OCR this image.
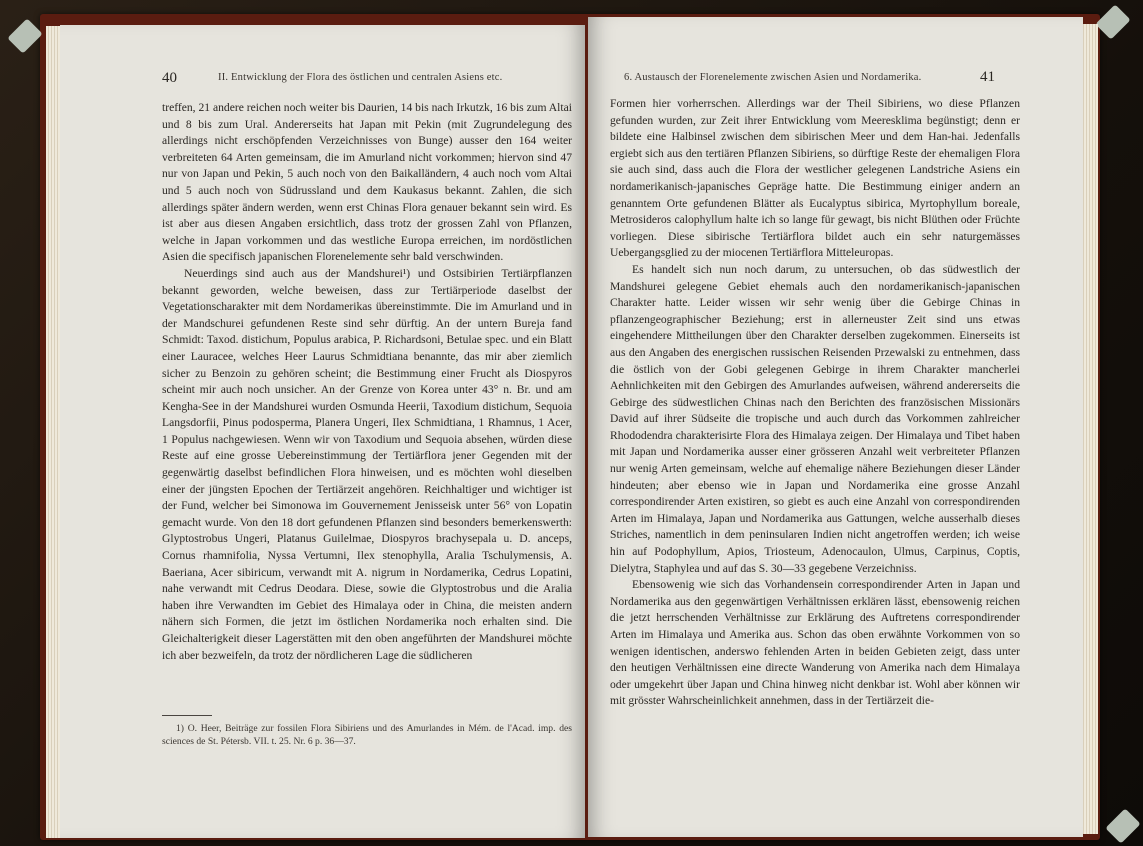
40	II. Entwicklung der Flora des östlichen und centralen Asiens etc.

treffen, 21 andere reichen noch weiter bis Daurien, 14 bis nach Irkutzk, 16 bis zum Altai und 8 bis zum Ural. Andererseits hat Japan mit Pekin (mit Zugrundelegung des allerdings nicht erschöpfenden Verzeichnisses von Bunge) ausser den 164 weiter verbreiteten 64 Arten gemeinsam, die im Amurland nicht vorkommen; hiervon sind 47 nur von Japan und Pekin, 5 auch noch von den Baikalländern, 4 auch noch vom Altai und 5 auch noch von Südrussland und dem Kaukasus bekannt. Zahlen, die sich allerdings später ändern werden, wenn erst Chinas Flora genauer bekannt sein wird. Es ist aber aus diesen Angaben ersichtlich, dass trotz der grossen Zahl von Pflanzen, welche in Japan vorkommen und das westliche Europa erreichen, im nordöstlichen Asien die specifisch japanischen Florenelemente sehr bald verschwinden.

Neuerdings sind auch aus der Mandshurei¹) und Ostsibirien Tertiärpflanzen bekannt geworden, welche beweisen, dass zur Tertiärperiode daselbst der Vegetationscharakter mit dem Nordamerikas übereinstimmte. Die im Amurland und in der Mandschurei gefundenen Reste sind sehr dürftig. An der untern Bureja fand Schmidt: Taxod. distichum, Populus arabica, P. Richardsoni, Betulae spec. und ein Blatt einer Lauracee, welches Heer Laurus Schmidtiana benannte, das mir aber ziemlich sicher zu Benzoin zu gehören scheint; die Bestimmung einer Frucht als Diospyros scheint mir auch noch unsicher. An der Grenze von Korea unter 43° n. Br. und am Kengha-See in der Mandshurei wurden Osmunda Heerii, Taxodium distichum, Sequoia Langsdorfii, Pinus podosperma, Planera Ungeri, Ilex Schmidtiana, 1 Rhamnus, 1 Acer, 1 Populus nachgewiesen. Wenn wir von Taxodium und Sequoia absehen, würden diese Reste auf eine grosse Uebereinstimmung der Tertiärflora jener Gegenden mit der gegenwärtig daselbst befindlichen Flora hinweisen, und es möchten wohl dieselben einer der jüngsten Epochen der Tertiärzeit angehören. Reichhaltiger und wichtiger ist der Fund, welcher bei Simonowa im Gouvernement Jenisseisk unter 56° von Lopatin gemacht wurde. Von den 18 dort gefundenen Pflanzen sind besonders bemerkenswerth: Glyptostrobus Ungeri, Platanus Guilelmae, Diospyros brachysepala u. D. anceps, Cornus rhamnifolia, Nyssa Vertumni, Ilex stenophylla, Aralia Tschulymensis, A. Baeriana, Acer sibiricum, verwandt mit A. nigrum in Nordamerika, Cedrus Lopatini, nahe verwandt mit Cedrus Deodara. Diese, sowie die Glyptostrobus und die Aralia haben ihre Verwandten im Gebiet des Himalaya oder in China, die meisten andern nähern sich Formen, die jetzt im östlichen Nordamerika noch erhalten sind. Die Gleichalterigkeit dieser Lagerstätten mit den oben angeführten der Mandshurei möchte ich aber bezweifeln, da trotz der nördlicheren Lage die südlicheren

1) O. Heer, Beiträge zur fossilen Flora Sibiriens und des Amurlandes in Mém. de l'Acad. imp. des sciences de St. Pétersb. VII. t. 25. Nr. 6 p. 36—37.
6. Austausch der Florenelemente zwischen Asien und Nordamerika.	41

Formen hier vorherrschen. Allerdings war der Theil Sibiriens, wo diese Pflanzen gefunden wurden, zur Zeit ihrer Entwicklung vom Meeresklima begünstigt; denn er bildete eine Halbinsel zwischen dem sibirischen Meer und dem Han-hai. Jedenfalls ergiebt sich aus den tertiären Pflanzen Sibiriens, so dürftige Reste der ehemaligen Flora sie auch sind, dass auch die Flora der westlicher gelegenen Landstriche Asiens ein nordamerikanisch-japanisches Gepräge hatte. Die Bestimmung einiger andern an genanntem Orte gefundenen Blätter als Eucalyptus sibirica, Myrtophyllum boreale, Metrosideros calophyllum halte ich so lange für gewagt, bis nicht Blüthen oder Früchte vorliegen. Diese sibirische Tertiärflora bildet auch ein sehr naturgemässes Uebergangsglied zu der miocenen Tertiärflora Mitteleuropas.

Es handelt sich nun noch darum, zu untersuchen, ob das südwestlich der Mandshurei gelegene Gebiet ehemals auch den nordamerikanisch-japanischen Charakter hatte. Leider wissen wir sehr wenig über die Gebirge Chinas in pflanzengeographischer Beziehung; erst in allerneuster Zeit sind uns etwas eingehendere Mittheilungen über den Charakter derselben zugekommen. Einerseits ist aus den Angaben des energischen russischen Reisenden Przewalski zu entnehmen, dass die östlich von der Gobi gelegenen Gebirge in ihrem Charakter mancherlei Aehnlichkeiten mit den Gebirgen des Amurlandes aufweisen, während andererseits die Gebirge des südwestlichen Chinas nach den Berichten des französischen Missionärs David auf ihrer Südseite die tropische und auch durch das Vorkommen zahlreicher Rhododendra charakterisirte Flora des Himalaya zeigen. Der Himalaya und Tibet haben mit Japan und Nordamerika ausser einer grösseren Anzahl weit verbreiteter Pflanzen nur wenig Arten gemeinsam, welche auf ehemalige nähere Beziehungen dieser Länder hindeuten; aber ebenso wie in Japan und Nordamerika eine grosse Anzahl correspondirender Arten existiren, so giebt es auch eine Anzahl von correspondirenden Arten im Himalaya, Japan und Nordamerika aus Gattungen, welche ausserhalb dieses Striches, namentlich in dem peninsularen Indien nicht angetroffen werden; ich weise hin auf Podophyllum, Apios, Triosteum, Adenocaulon, Ulmus, Carpinus, Coptis, Dielytra, Staphylea und auf das S. 30—33 gegebene Verzeichniss.

Ebensowenig wie sich das Vorhandensein correspondirender Arten in Japan und Nordamerika aus den gegenwärtigen Verhältnissen erklären lässt, ebensowenig reichen die jetzt herrschenden Verhältnisse zur Erklärung des Auftretens correspondirender Arten im Himalaya und Amerika aus. Schon das oben erwähnte Vorkommen von so wenigen identischen, anderswo fehlenden Arten in beiden Gebieten zeigt, dass unter den heutigen Verhältnissen eine directe Wanderung von Amerika nach dem Himalaya oder umgekehrt über Japan und China hinweg nicht denkbar ist. Wohl aber können wir mit grösster Wahrscheinlichkeit annehmen, dass in der Tertiärzeit die-
